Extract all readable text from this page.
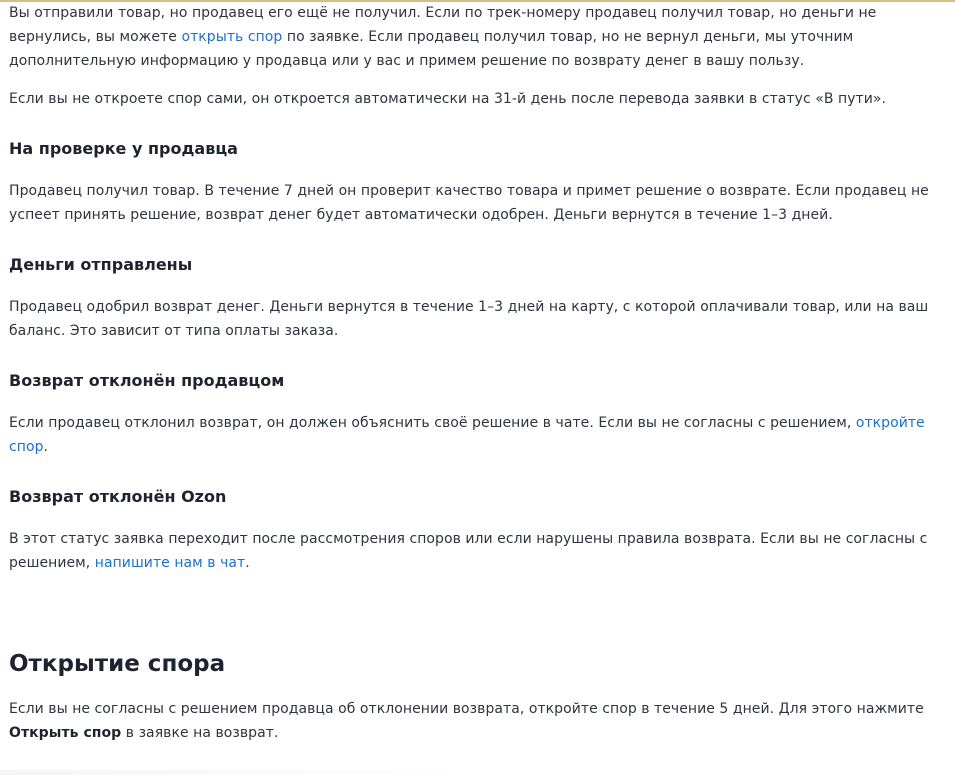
Вы отправили товар, но продавец его ещё не получил. Если по трек-номеру продавец получил товар, но деньги не вернулись, вы можете открыть спор по заявке. Если продавец получил товар, но не вернул деньги, мы уточним дополнительную информацию у продавца или у вас и примем решение по возврату денег в вашу пользу.

Если вы не откроете спор сами, он откроется автоматически на 31-й день после перевода заявки в статус «В пути».

На проверке у продавца

Продавец получил товар. В течение 7 дней он проверит качество товара и примет решение о возврате. Если продавец не успеет принять решение, возврат денег будет автоматически одобрен. Деньги вернутся в течение 1–3 дней.

Деньги отправлены

Продавец одобрил возврат денег. Деньги вернутся в течение 1–3 дней на карту, с которой оплачивали товар, или на ваш баланс. Это зависит от типа оплаты заказа.

Возврат отклонён продавцом

Если продавец отклонил возврат, он должен объяснить своё решение в чате. Если вы не согласны с решением, откройте спор.

Возврат отклонён Ozon

В этот статус заявка переходит после рассмотрения споров или если нарушены правила возврата. Если вы не согласны с решением, напишите нам в чат.

Открытие спора

Если вы не согласны с решением продавца об отклонении возврата, откройте спор в течение 5 дней. Для этого нажмите Открыть спор в заявке на возврат.
